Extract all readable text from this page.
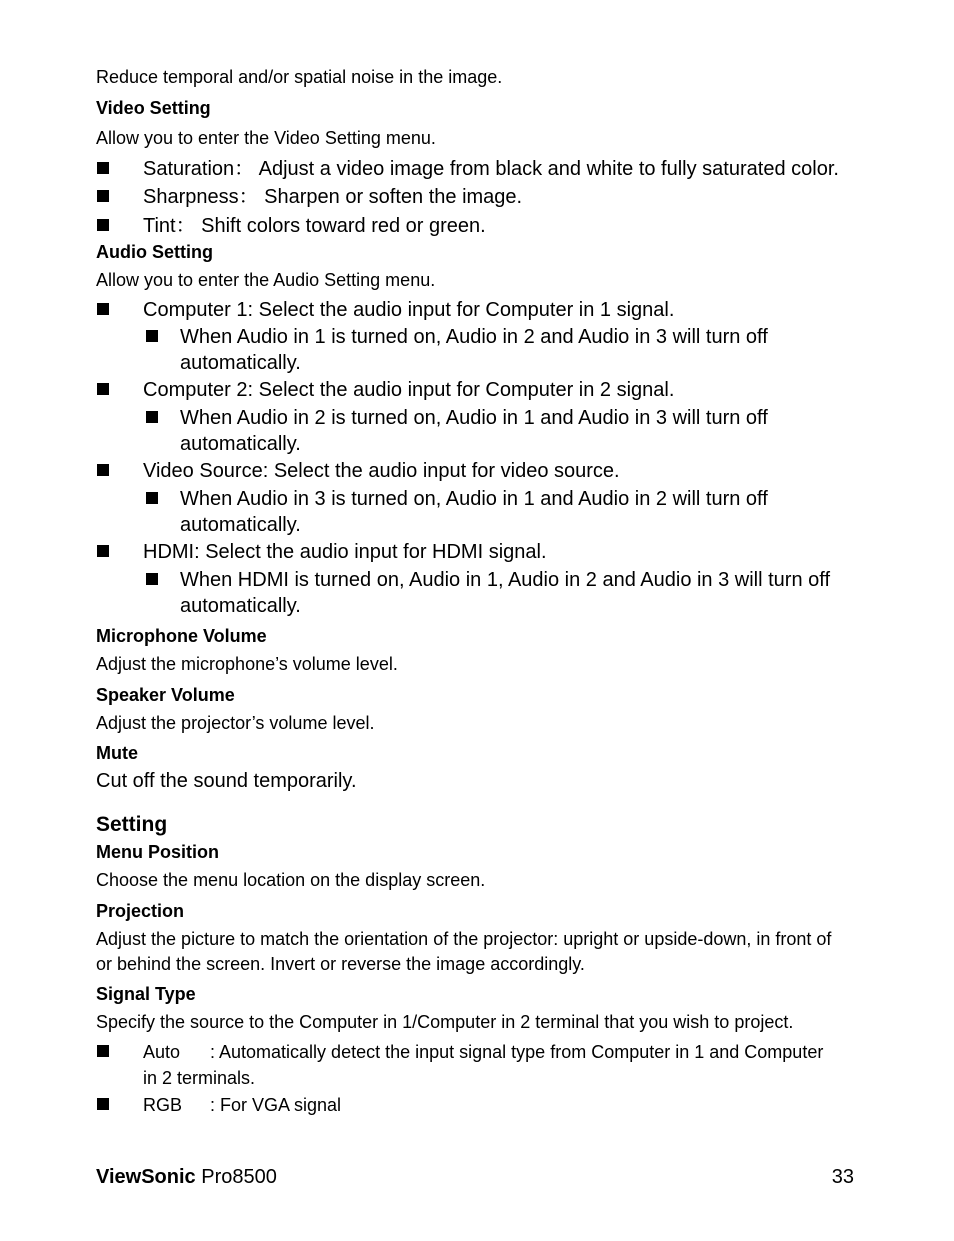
Reduce temporal and/or spatial noise in the image.
Video Setting
Allow you to enter the Video Setting menu.
Saturation： Adjust a video image from black and white to fully saturated color.
Sharpness： Sharpen or soften the image.
Tint： Shift colors toward red or green.
Audio Setting
Allow you to enter the Audio Setting menu.
Computer 1: Select the audio input for Computer in 1 signal.
When Audio in 1 is turned on, Audio in 2 and Audio in 3 will turn off
automatically.
Computer 2: Select the audio input for Computer in 2 signal.
When Audio in 2 is turned on, Audio in 1 and Audio in 3 will turn off
automatically.
Video Source: Select the audio input for video source.
When Audio in 3 is turned on, Audio in 1 and Audio in 2 will turn off
automatically.
HDMI: Select the audio input for HDMI signal.
When HDMI is turned on, Audio in 1, Audio in 2 and Audio in 3 will turn off
automatically.
Microphone Volume
Adjust the microphone’s volume level.
Speaker Volume
Adjust the projector’s volume level.
Mute
Cut off the sound temporarily.
Setting
Menu Position
Choose the menu location on the display screen.
Projection
Adjust the picture to match the orientation of the projector: upright or upside-down, in front of
or behind the screen. Invert or reverse the image accordingly.
Signal Type
Specify the source to the Computer in 1/Computer in 2 terminal that you wish to project.
Auto : Automatically detect the input signal type from Computer in 1 and Computer
in 2 terminals.
RGB : For VGA signal
ViewSonic Pro8500	33
